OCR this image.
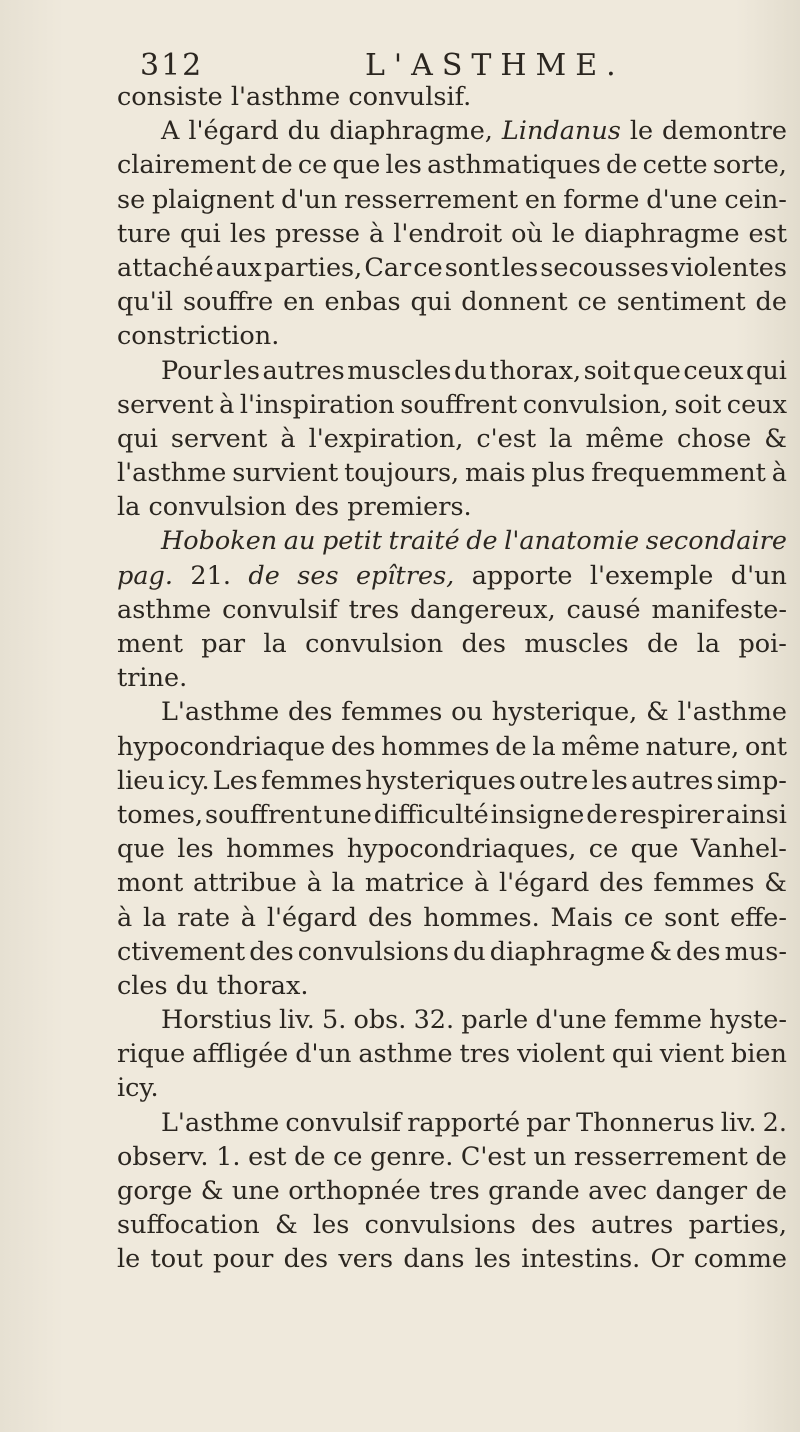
312	L'ASTHME.
consiste l'asthme convulsif.
A l'égard du diaphragme, Lindanus le demontre
clairement de ce que les asthmatiques de cette sorte,
se plaignent d'un resserrement en forme d'une cein-
ture qui les presse à l'endroit où le diaphragme est
attaché aux parties, Car ce sont les secousses violentes
qu'il souffre en enbas qui donnent ce sentiment de
constriction.
Pour les autres muscles du thorax, soit que ceux qui
servent à l'inspiration souffrent convulsion, soit ceux
qui servent à l'expiration, c'est la même chose &
l'asthme survient toujours, mais plus frequemment à
la convulsion des premiers.
Hoboken au petit traité de l'anatomie secondaire
pag. 21. de ses epîtres, apporte l'exemple d'un
asthme convulsif tres dangereux, causé manifeste-
ment par la convulsion des muscles de la poi-
trine.
L'asthme des femmes ou hysterique, & l'asthme
hypocondriaque des hommes de la même nature, ont
lieu icy. Les femmes hysteriques outre les autres simp-
tomes, souffrent une difficulté insigne de respirer ainsi
que les hommes hypocondriaques, ce que Vanhel-
mont attribue à la matrice à l'égard des femmes &
à la rate à l'égard des hommes. Mais ce sont effe-
ctivement des convulsions du diaphragme & des mus-
cles du thorax.
Horstius liv. 5. obs. 32. parle d'une femme hyste-
rique affligée d'un asthme tres violent qui vient bien
icy.
L'asthme convulsif rapporté par Thonnerus liv. 2.
observ. 1. est de ce genre. C'est un resserrement de
gorge & une orthopnée tres grande avec danger de
suffocation & les convulsions des autres parties,
le tout pour des vers dans les intestins. Or comme
